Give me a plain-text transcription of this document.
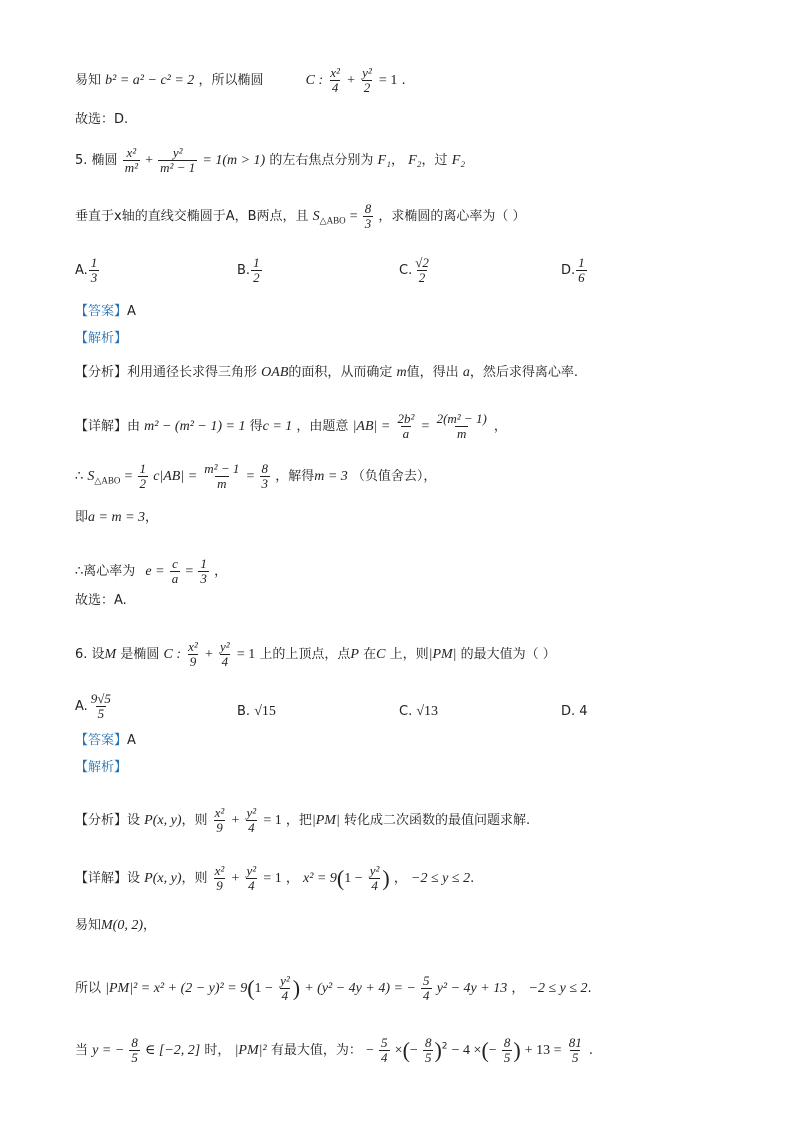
易知 b² = a² − c² = 2 ，所以椭圆	C : $\frac{\text{x²}}{4} + \frac{\text{y²}}{2} = 1$ .
故选：D.
5. 椭圆 $\frac{\text{x²}}{\text{m²}} + \frac{\text{y²}}{\text{m² − 1}} = 1(m > 1)$ 的左右焦点分别为 F₁， F₂，过 F₂
垂直于x轴的直线交椭圆于A，B两点，且 $S_{\triangle ABO} = \frac{8}{3}$ ，求椭圆的离心率为（ ）
A. $\frac{1}{3}$	B. $\frac{1}{2}$	C. $\frac{√2}{2}$	D. $\frac{1}{6}$
【答案】A
【解析】
【分析】利用通径长求得三角形 OAB的面积，从而确定 m值，得出 a，然后求得离心率.
【详解】由 m² − (m² − 1) = 1 得c = 1 ，由题意 $|AB| = \frac{\text{2b²}}{a} = \frac{\text{2(m² − 1)}}{m}$ ，
∴ $S_{\triangle ABO} = \frac{1}{2} c|AB| = \frac{\text{m² − 1}}{m} = \frac{8}{3}$ ，解得m = 3 （负值舍去），
即a = m = 3，
∴离心率为 $e = \frac{c}{a} = \frac{1}{3}$ ，
故选：A.
6. 设M 是椭圆 C : $\frac{\text{x²}}{9} + \frac{\text{y²}}{4} = 1$ 上的上顶点，点P 在C 上，则|PM| 的最大值为（ ）
A. $\frac{9√5}{5}$	B. √15	C. √13	D. 4
【答案】A
【解析】
【分析】设 P(x, y)，则 $\frac{\text{x²}}{9} + \frac{\text{y²}}{4} = 1$ ，把|PM| 转化成二次函数的最值问题求解.
【详解】设 P(x, y)，则 $\frac{\text{x²}}{9} + \frac{\text{y²}}{4} = 1$ ， $x^2 = 9(1 - \frac{\text{y²}}{4}$ ) ， −2 ≤ y ≤ 2.
易知M(0, 2)，
所以 $|PM|^2 = x^2 + (2 - y)^2 = 9(1 - \frac{\text{y²}}{4}$ ) + (y² − 4y + 4) = − $\frac{5}{4} y^2 - 4y + 13$ ， −2 ≤ y ≤ 2.
当 y = − $\frac{8}{5}$ ∈ [−2, 2] 时， |PM|² 有最大值，为： − $\frac{5}{4}$ ×(− $\frac{8}{5} )^2 - 4$ ×(− $\frac{8}{5}$ ) + $13 = \frac{81}{5}$ .
